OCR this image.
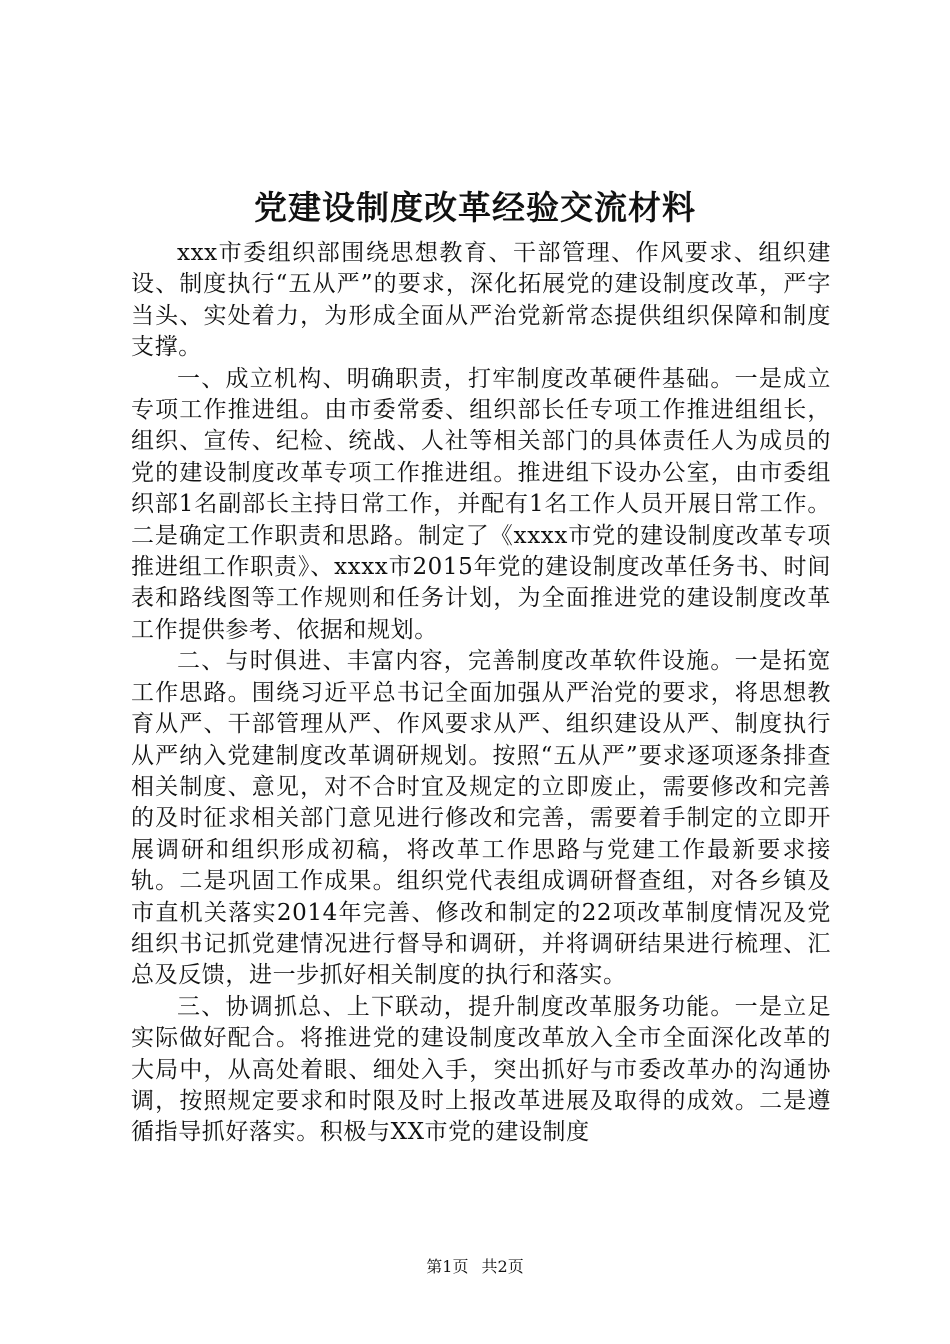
党建设制度改革经验交流材料

xxx市委组织部围绕思想教育、干部管理、作风要求、组织建设、制度执行“五从严”的要求，深化拓展党的建设制度改革，严字当头、实处着力，为形成全面从严治党新常态提供组织保障和制度支撑。

一、成立机构、明确职责，打牢制度改革硬件基础。一是成立专项工作推进组。由市委常委、组织部长任专项工作推进组组长，组织、宣传、纪检、统战、人社等相关部门的具体责任人为成员的党的建设制度改革专项工作推进组。推进组下设办公室，由市委组织部1名副部长主持日常工作，并配有1名工作人员开展日常工作。二是确定工作职责和思路。制定了《xxxx市党的建设制度改革专项推进组工作职责》、xxxx市2015年党的建设制度改革任务书、时间表和路线图等工作规则和任务计划，为全面推进党的建设制度改革工作提供参考、依据和规划。

二、与时俱进、丰富内容，完善制度改革软件设施。一是拓宽工作思路。围绕习近平总书记全面加强从严治党的要求，将思想教育从严、干部管理从严、作风要求从严、组织建设从严、制度执行从严纳入党建制度改革调研规划。按照“五从严”要求逐项逐条排查相关制度、意见，对不合时宜及规定的立即废止，需要修改和完善的及时征求相关部门意见进行修改和完善，需要着手制定的立即开展调研和组织形成初稿，将改革工作思路与党建工作最新要求接轨。二是巩固工作成果。组织党代表组成调研督查组，对各乡镇及市直机关落实2014年完善、修改和制定的22项改革制度情况及党组织书记抓党建情况进行督导和调研，并将调研结果进行梳理、汇总及反馈，进一步抓好相关制度的执行和落实。

三、协调抓总、上下联动，提升制度改革服务功能。一是立足实际做好配合。将推进党的建设制度改革放入全市全面深化改革的大局中，从高处着眼、细处入手，突出抓好与市委改革办的沟通协调，按照规定要求和时限及时上报改革进展及取得的成效。二是遵循指导抓好落实。积极与XX市党的建设制度

第1页 共2页
